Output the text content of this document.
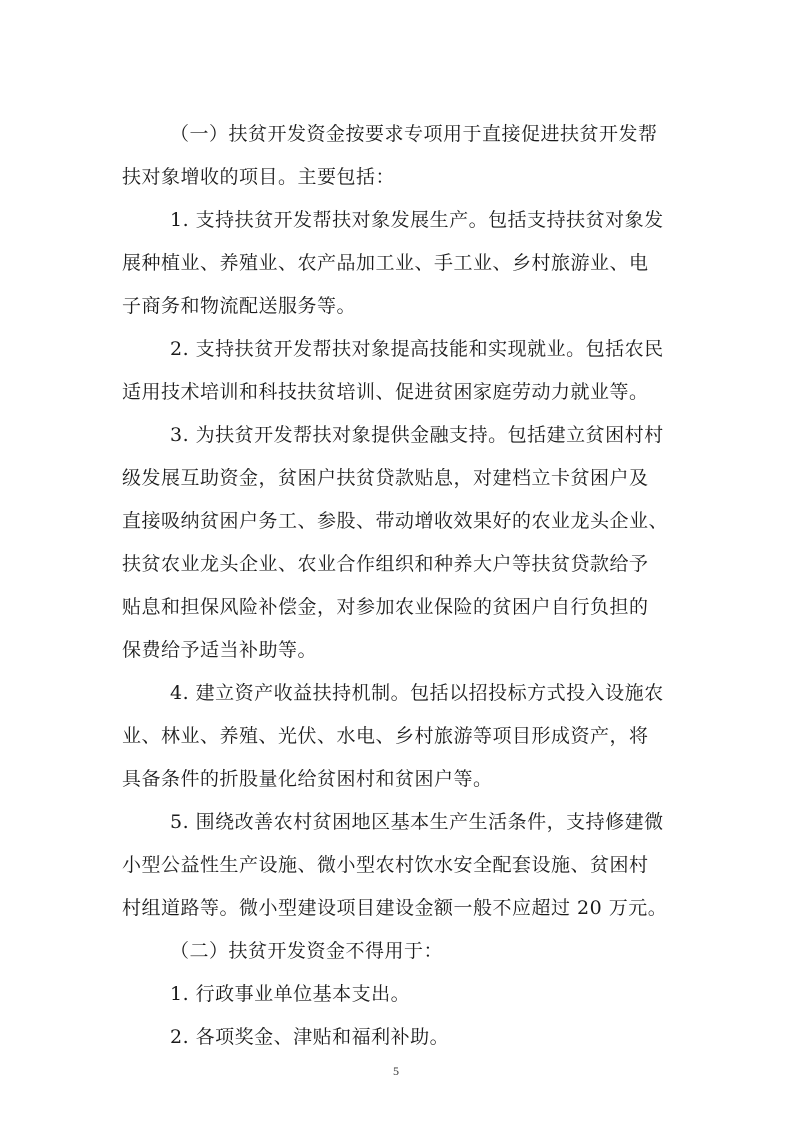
（一）扶贫开发资金按要求专项用于直接促进扶贫开发帮

扶对象增收的项目。主要包括：

1. 支持扶贫开发帮扶对象发展生产。包括支持扶贫对象发

展种植业、养殖业、农产品加工业、手工业、乡村旅游业、电

子商务和物流配送服务等。

2. 支持扶贫开发帮扶对象提高技能和实现就业。包括农民

适用技术培训和科技扶贫培训、促进贫困家庭劳动力就业等。

3. 为扶贫开发帮扶对象提供金融支持。包括建立贫困村村

级发展互助资金，贫困户扶贫贷款贴息，对建档立卡贫困户及

直接吸纳贫困户务工、参股、带动增收效果好的农业龙头企业、

扶贫农业龙头企业、农业合作组织和种养大户等扶贫贷款给予

贴息和担保风险补偿金，对参加农业保险的贫困户自行负担的

保费给予适当补助等。

4. 建立资产收益扶持机制。包括以招投标方式投入设施农

业、林业、养殖、光伏、水电、乡村旅游等项目形成资产，将

具备条件的折股量化给贫困村和贫困户等。

5. 围绕改善农村贫困地区基本生产生活条件，支持修建微

小型公益性生产设施、微小型农村饮水安全配套设施、贫困村

村组道路等。微小型建设项目建设金额一般不应超过 20 万元。

（二）扶贫开发资金不得用于：

1. 行政事业单位基本支出。

2. 各项奖金、津贴和福利补助。

5
